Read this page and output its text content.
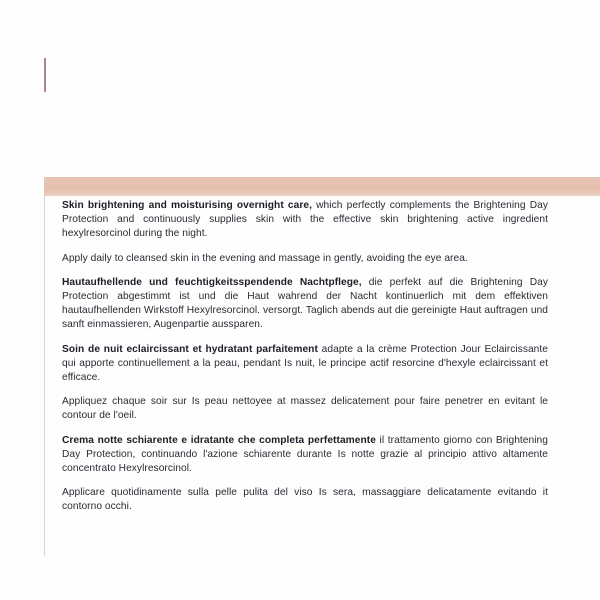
Skin brightening and moisturising overnight care, which perfectly complements the Brightening Day Protection and continuously supplies skin with the effective skin brightening active ingredient hexylresorcinol during the night.

Apply daily to cleansed skin in the evening and massage in gently, avoiding the eye area.

Hautaufhellende und feuchtigkeitsspendende Nachtpflege, die perfekt auf die Brightening Day Protection abgestimmt ist und die Haut wahrend der Nacht kontinuerlich mit dem effektiven hautaufhellenden Wirkstoff Hexylresorcinol. versorgt. Taglich abends aut die gereinigte Haut auftragen und sanft einmassieren, Augenpartie aussparen.

Soin de nuit eclaircissant et hydratant parfaitement adapte a la crème Protection Jour Eclaircissante qui apporte continuellement a la peau, pendant Is nuit, le principe actif resorcine d'hexyle eclaircissant et efficace.

Appliquez chaque soir sur Is peau nettoyee at massez delicatement pour faire penetrer en evitant le contour de l'oeil.

Crema notte schiarente e idratante che completa perfettamente il trattamento giorno con Brightening Day Protection, continuando l'azione schiarente durante Is notte grazie al principio attivo altamente concentrato Hexylresorcinol.

Applicare quotidinamente sulla pelle pulita del viso Is sera, massaggiare delicatamente evitando it contorno occhi.
